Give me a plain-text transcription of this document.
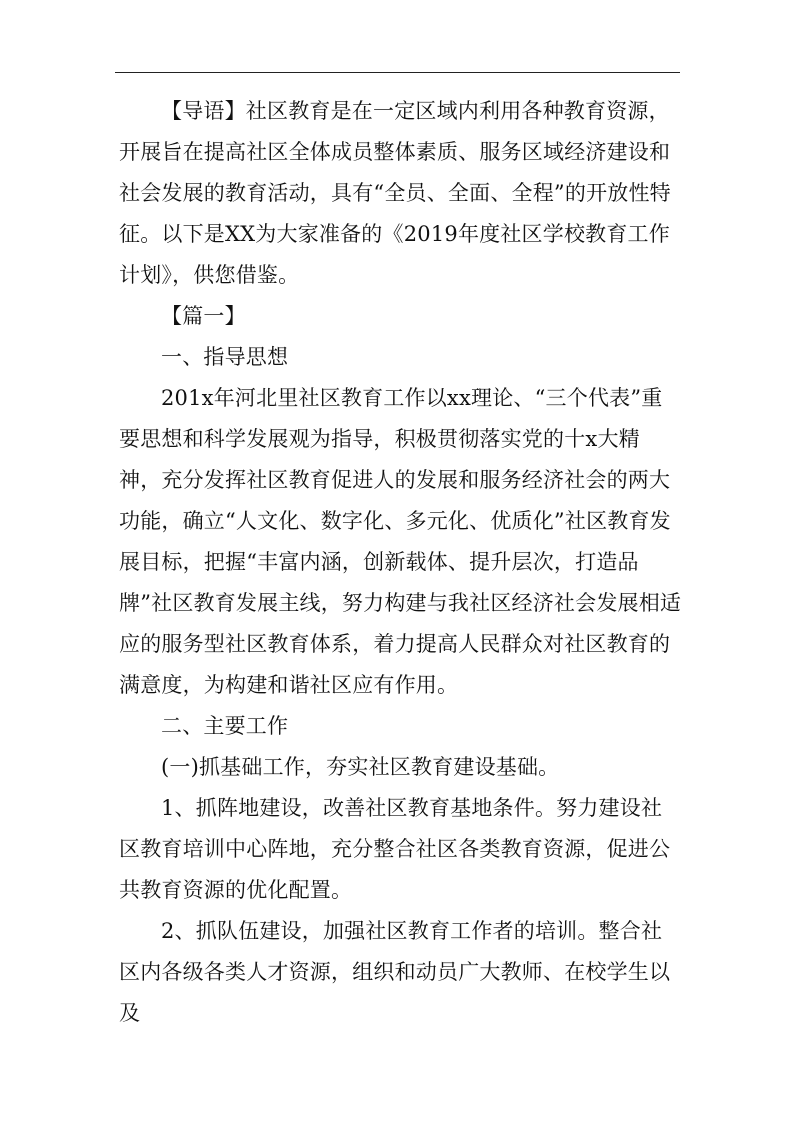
【导语】社区教育是在一定区域内利用各种教育资源，开展旨在提高社区全体成员整体素质、服务区域经济建设和社会发展的教育活动，具有“全员、全面、全程”的开放性特征。以下是XX为大家准备的《2019年度社区学校教育工作计划》，供您借鉴。

【篇一】

一、指导思想

201x年河北里社区教育工作以xx理论、“三个代表”重要思想和科学发展观为指导，积极贯彻落实党的十x大精神，充分发挥社区教育促进人的发展和服务经济社会的两大功能，确立“人文化、数字化、多元化、优质化”社区教育发展目标，把握“丰富内涵，创新载体、提升层次，打造品牌”社区教育发展主线，努力构建与我社区经济社会发展相适应的服务型社区教育体系，着力提高人民群众对社区教育的满意度，为构建和谐社区应有作用。

二、主要工作

(一)抓基础工作，夯实社区教育建设基础。

1、抓阵地建设，改善社区教育基地条件。努力建设社区教育培训中心阵地，充分整合社区各类教育资源，促进公共教育资源的优化配置。

2、抓队伍建设，加强社区教育工作者的培训。整合社区内各级各类人才资源，组织和动员广大教师、在校学生以及
